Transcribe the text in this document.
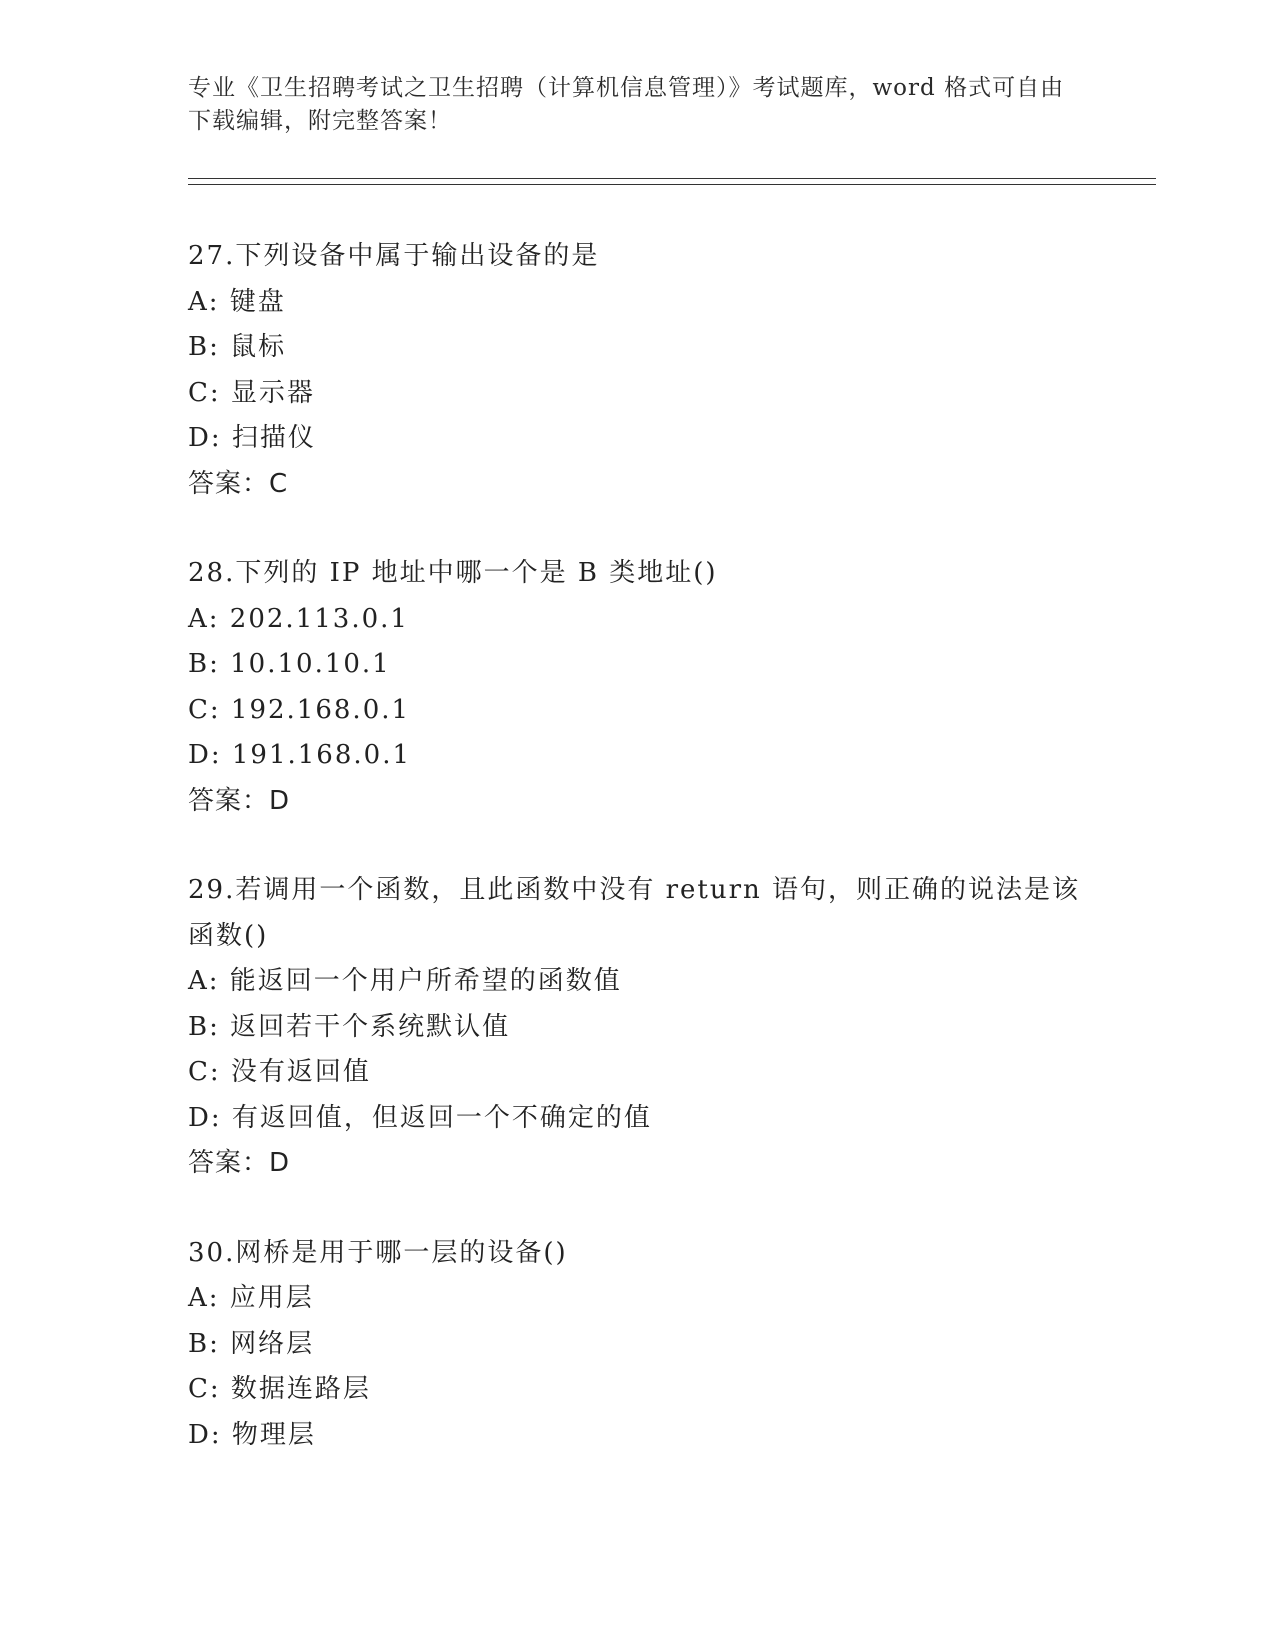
专业《卫生招聘考试之卫生招聘（计算机信息管理）》考试题库，word 格式可自由下载编辑，附完整答案！
27.下列设备中属于输出设备的是
A: 键盘
B: 鼠标
C: 显示器
D: 扫描仪
答案：C
28.下列的 IP 地址中哪一个是 B 类地址()
A: 202.113.0.1
B: 10.10.10.1
C: 192.168.0.1
D: 191.168.0.1
答案：D
29.若调用一个函数，且此函数中没有 return 语句，则正确的说法是该函数()
A: 能返回一个用户所希望的函数值
B: 返回若干个系统默认值
C: 没有返回值
D: 有返回值，但返回一个不确定的值
答案：D
30.网桥是用于哪一层的设备()
A: 应用层
B: 网络层
C: 数据连路层
D: 物理层
